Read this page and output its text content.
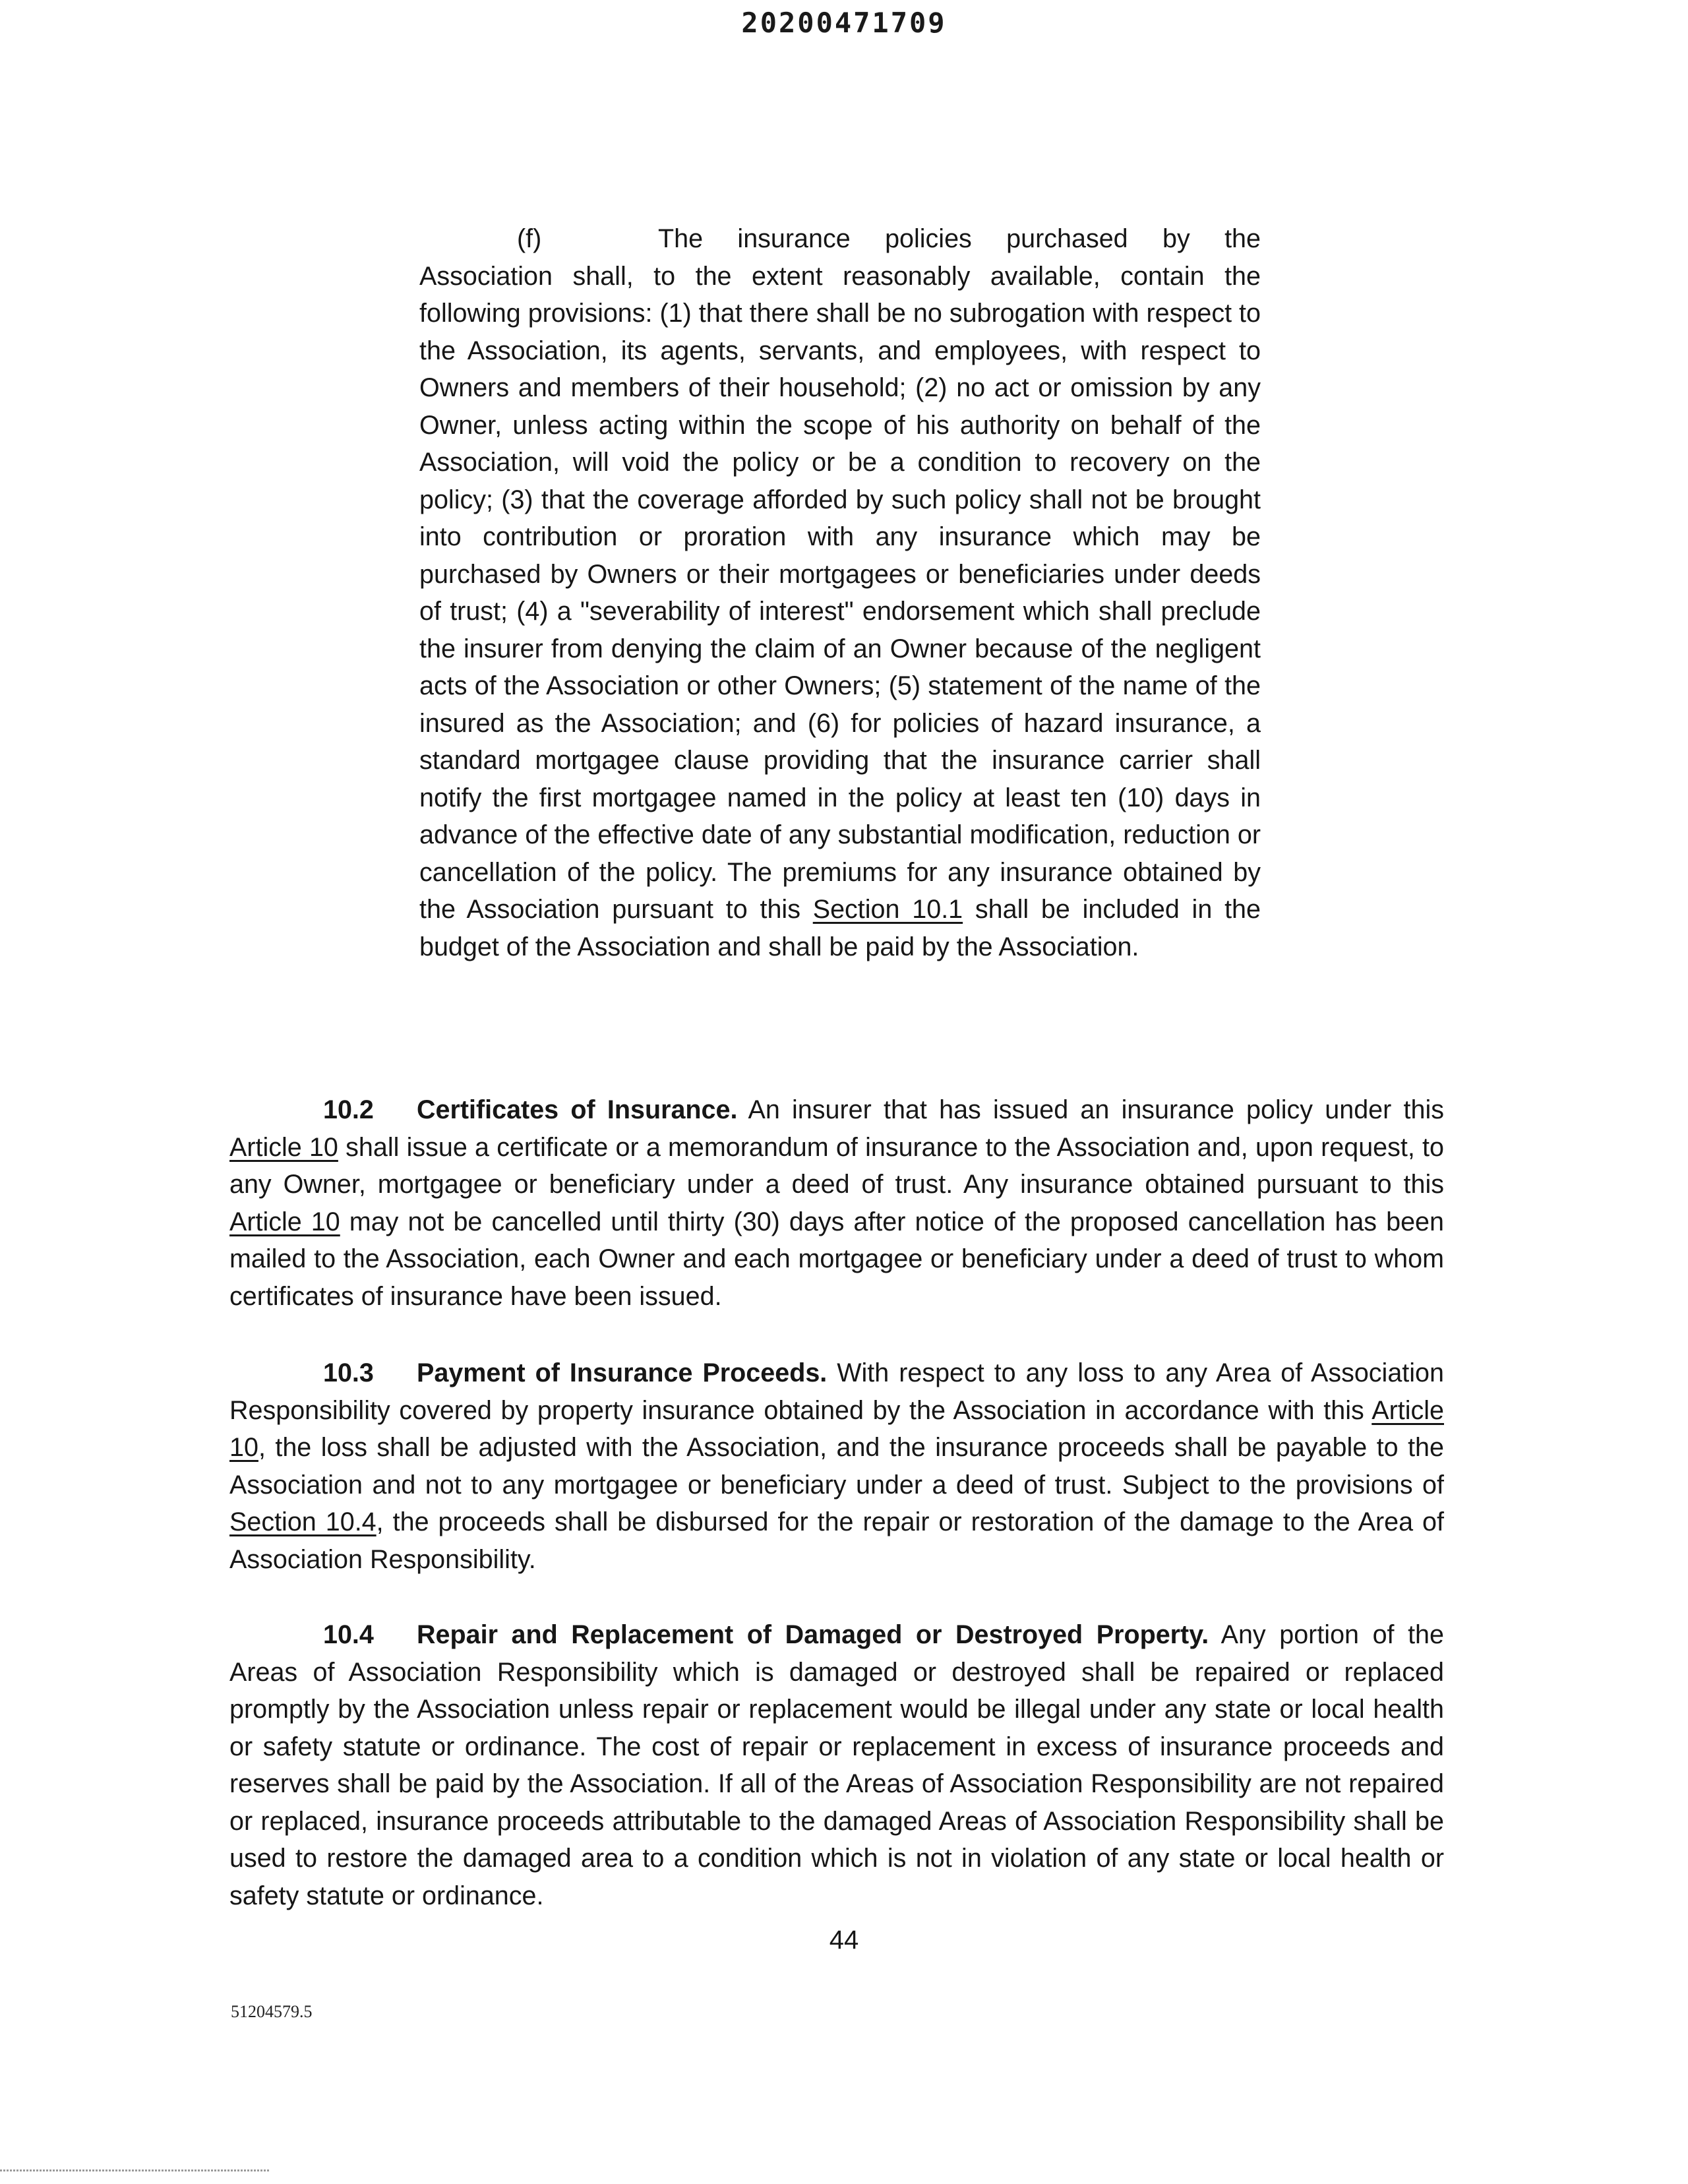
20200471709
(f)	The insurance policies purchased by the Association shall, to the extent reasonably available, contain the following provisions: (1) that there shall be no subrogation with respect to the Association, its agents, servants, and employees, with respect to Owners and members of their household; (2) no act or omission by any Owner, unless acting within the scope of his authority on behalf of the Association, will void the policy or be a condition to recovery on the policy; (3) that the coverage afforded by such policy shall not be brought into contribution or proration with any insurance which may be purchased by Owners or their mortgagees or beneficiaries under deeds of trust; (4) a "severability of interest" endorsement which shall preclude the insurer from denying the claim of an Owner because of the negligent acts of the Association or other Owners; (5) statement of the name of the insured as the Association; and (6) for policies of hazard insurance, a standard mortgagee clause providing that the insurance carrier shall notify the first mortgagee named in the policy at least ten (10) days in advance of the effective date of any substantial modification, reduction or cancellation of the policy. The premiums for any insurance obtained by the Association pursuant to this Section 10.1 shall be included in the budget of the Association and shall be paid by the Association.
10.2 Certificates of Insurance. An insurer that has issued an insurance policy under this Article 10 shall issue a certificate or a memorandum of insurance to the Association and, upon request, to any Owner, mortgagee or beneficiary under a deed of trust. Any insurance obtained pursuant to this Article 10 may not be cancelled until thirty (30) days after notice of the proposed cancellation has been mailed to the Association, each Owner and each mortgagee or beneficiary under a deed of trust to whom certificates of insurance have been issued.
10.3 Payment of Insurance Proceeds. With respect to any loss to any Area of Association Responsibility covered by property insurance obtained by the Association in accordance with this Article 10, the loss shall be adjusted with the Association, and the insurance proceeds shall be payable to the Association and not to any mortgagee or beneficiary under a deed of trust. Subject to the provisions of Section 10.4, the proceeds shall be disbursed for the repair or restoration of the damage to the Area of Association Responsibility.
10.4 Repair and Replacement of Damaged or Destroyed Property. Any portion of the Areas of Association Responsibility which is damaged or destroyed shall be repaired or replaced promptly by the Association unless repair or replacement would be illegal under any state or local health or safety statute or ordinance. The cost of repair or replacement in excess of insurance proceeds and reserves shall be paid by the Association. If all of the Areas of Association Responsibility are not repaired or replaced, insurance proceeds attributable to the damaged Areas of Association Responsibility shall be used to restore the damaged area to a condition which is not in violation of any state or local health or safety statute or ordinance.
44
51204579.5
